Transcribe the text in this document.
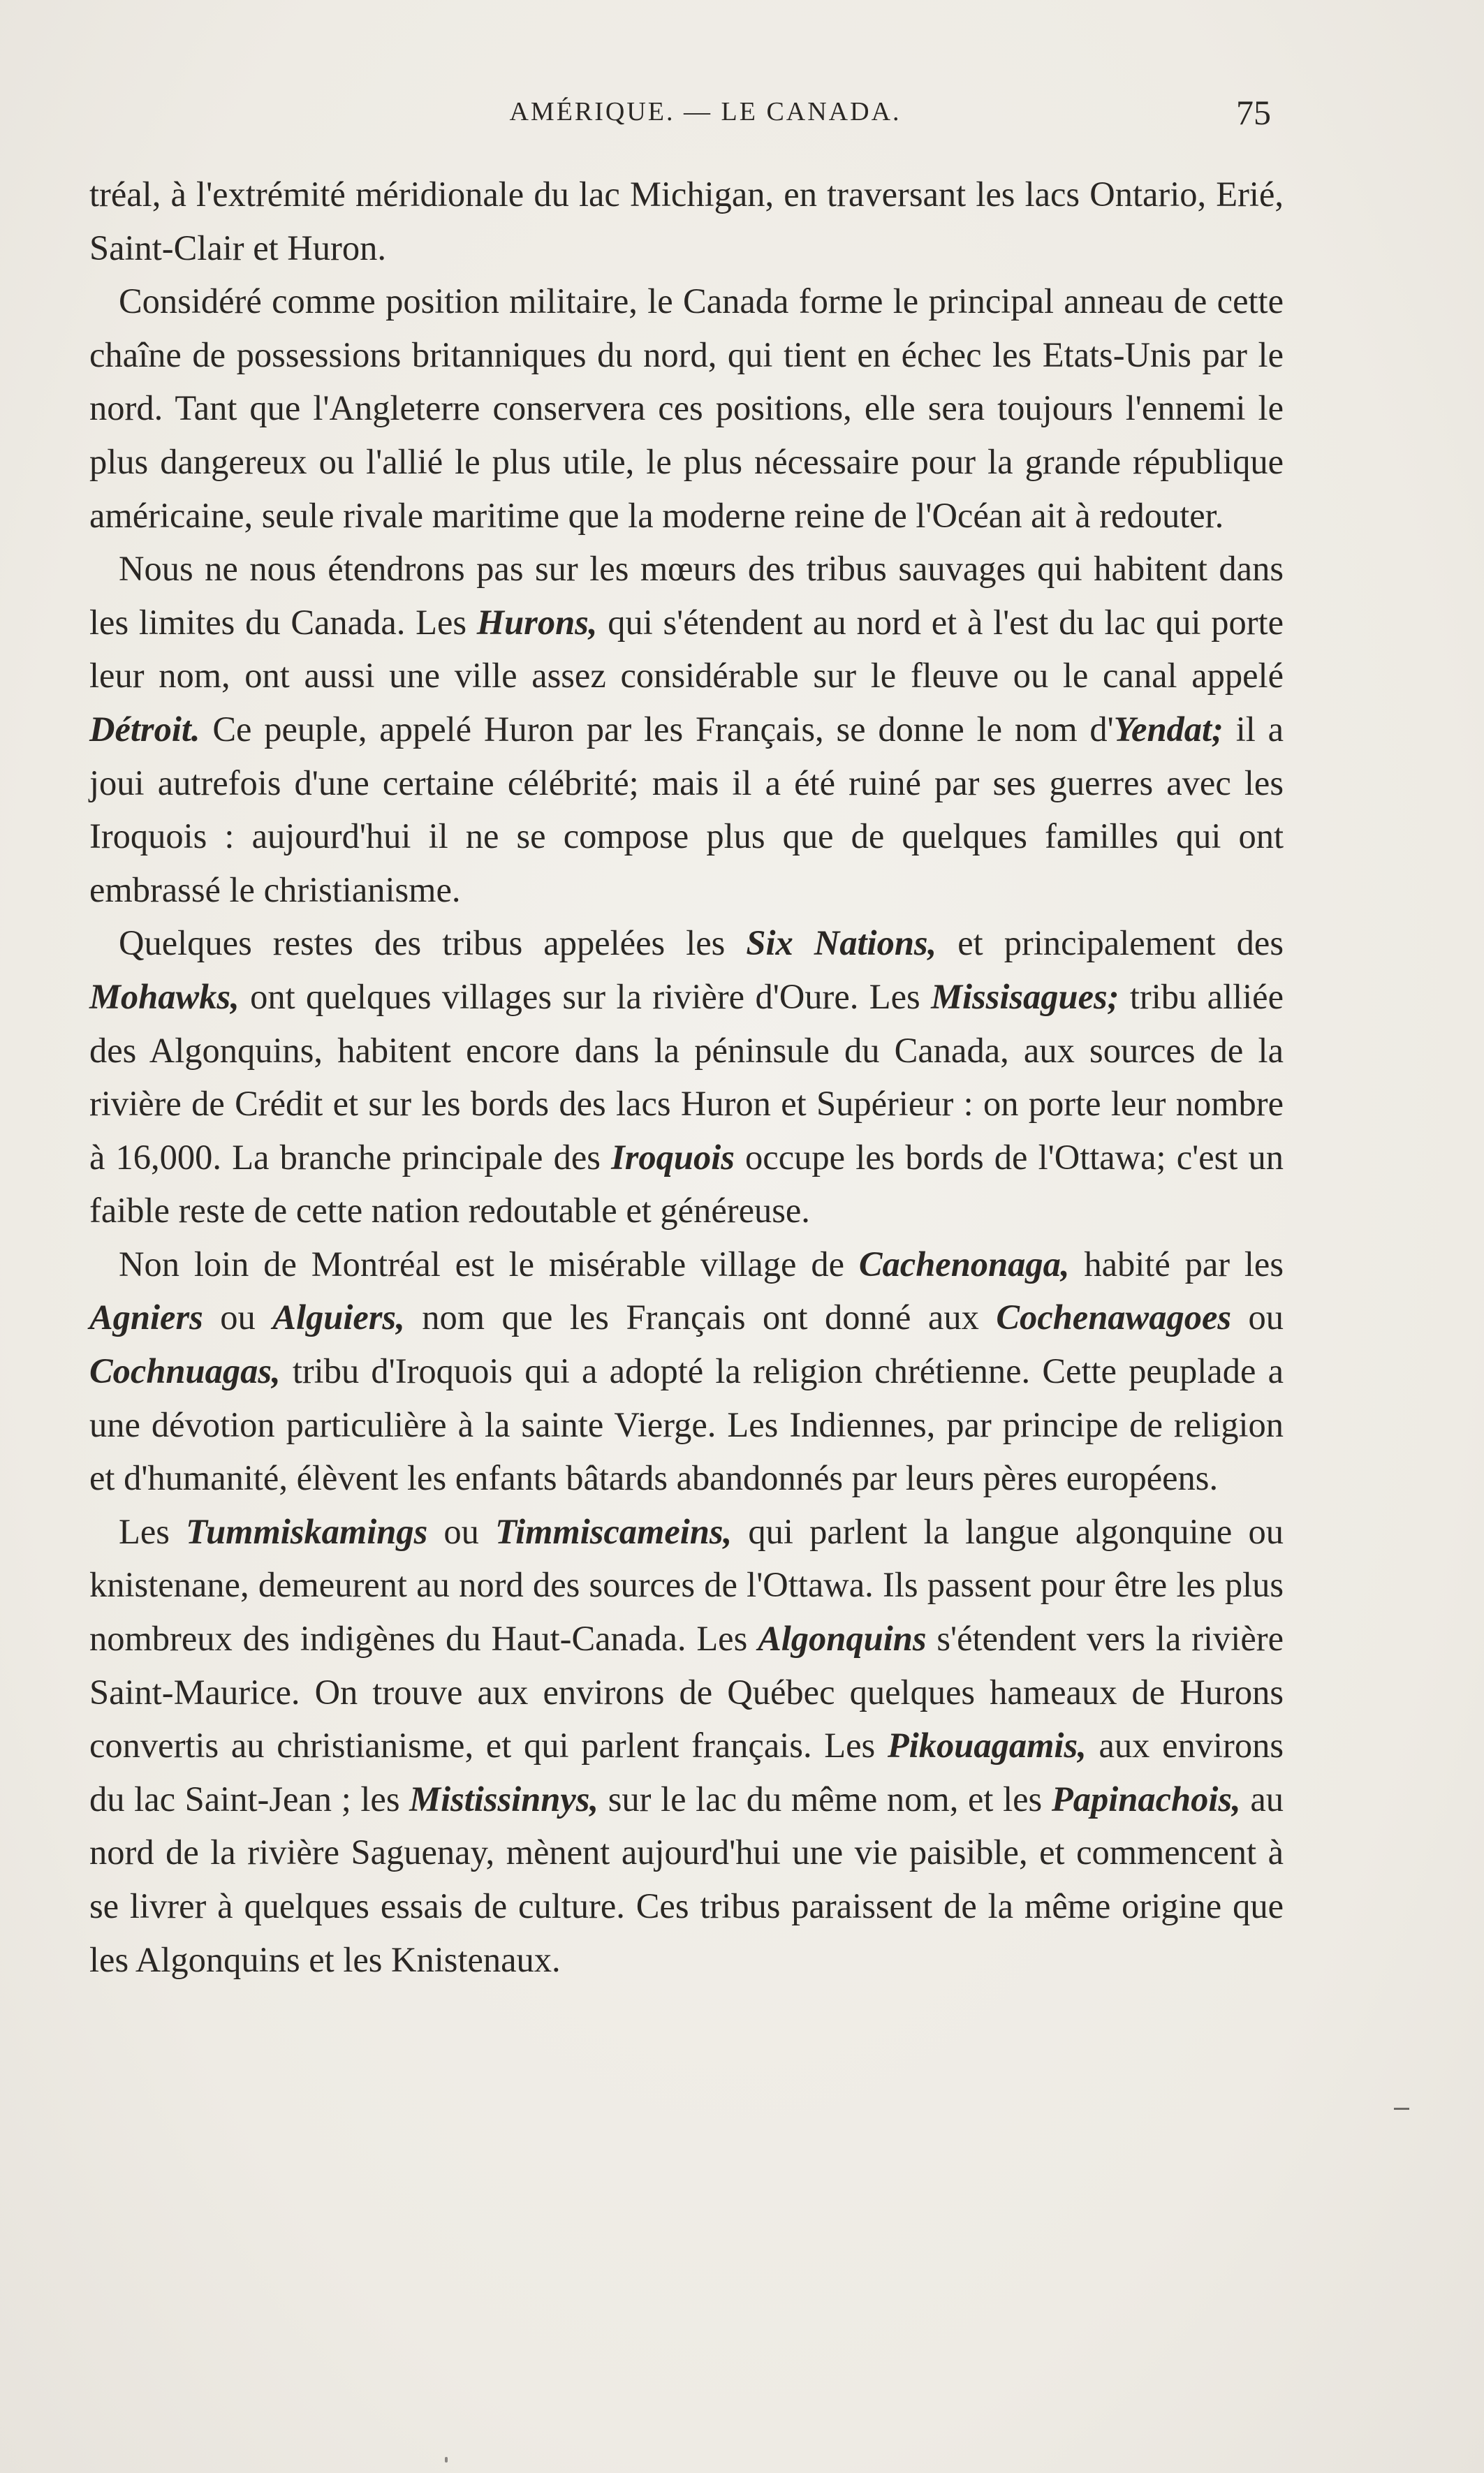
AMÉRIQUE. — LE CANADA.	75

tréal, à l'extrémité méridionale du lac Michigan, en traversant les lacs Ontario, Erié, Saint-Clair et Huron.

Considéré comme position militaire, le Canada forme le principal anneau de cette chaîne de possessions britanniques du nord, qui tient en échec les Etats-Unis par le nord. Tant que l'Angleterre conservera ces positions, elle sera toujours l'ennemi le plus dangereux ou l'allié le plus utile, le plus nécessaire pour la grande république américaine, seule rivale maritime que la moderne reine de l'Océan ait à redouter.

Nous ne nous étendrons pas sur les mœurs des tribus sauvages qui habitent dans les limites du Canada. Les Hurons, qui s'étendent au nord et à l'est du lac qui porte leur nom, ont aussi une ville assez considérable sur le fleuve ou le canal appelé Détroit. Ce peuple, appelé Huron par les Français, se donne le nom d'Yendat; il a joui autrefois d'une certaine célébrité; mais il a été ruiné par ses guerres avec les Iroquois : aujourd'hui il ne se compose plus que de quelques familles qui ont embrassé le christianisme.

Quelques restes des tribus appelées les Six Nations, et principalement des Mohawks, ont quelques villages sur la rivière d'Oure. Les Missisagues; tribu alliée des Algonquins, habitent encore dans la péninsule du Canada, aux sources de la rivière de Crédit et sur les bords des lacs Huron et Supérieur : on porte leur nombre à 16,000. La branche principale des Iroquois occupe les bords de l'Ottawa; c'est un faible reste de cette nation redoutable et généreuse.

Non loin de Montréal est le misérable village de Cachenonaga, habité par les Agniers ou Alguiers, nom que les Français ont donné aux Cochenawagoes ou Cochnuagas, tribu d'Iroquois qui a adopté la religion chrétienne. Cette peuplade a une dévotion particulière à la sainte Vierge. Les Indiennes, par principe de religion et d'humanité, élèvent les enfants bâtards abandonnés par leurs pères européens.

Les Tummiskamings ou Timmiscameins, qui parlent la langue algonquine ou knistenane, demeurent au nord des sources de l'Ottawa. Ils passent pour être les plus nombreux des indigènes du Haut-Canada. Les Algonquins s'étendent vers la rivière Saint-Maurice. On trouve aux environs de Québec quelques hameaux de Hurons convertis au christianisme, et qui parlent français. Les Pikouagamis, aux environs du lac Saint-Jean ; les Mistissinnys, sur le lac du même nom, et les Papinachois, au nord de la rivière Saguenay, mènent aujourd'hui une vie paisible, et commencent à se livrer à quelques essais de culture. Ces tribus paraissent de la même origine que les Algonquins et les Knistenaux.
